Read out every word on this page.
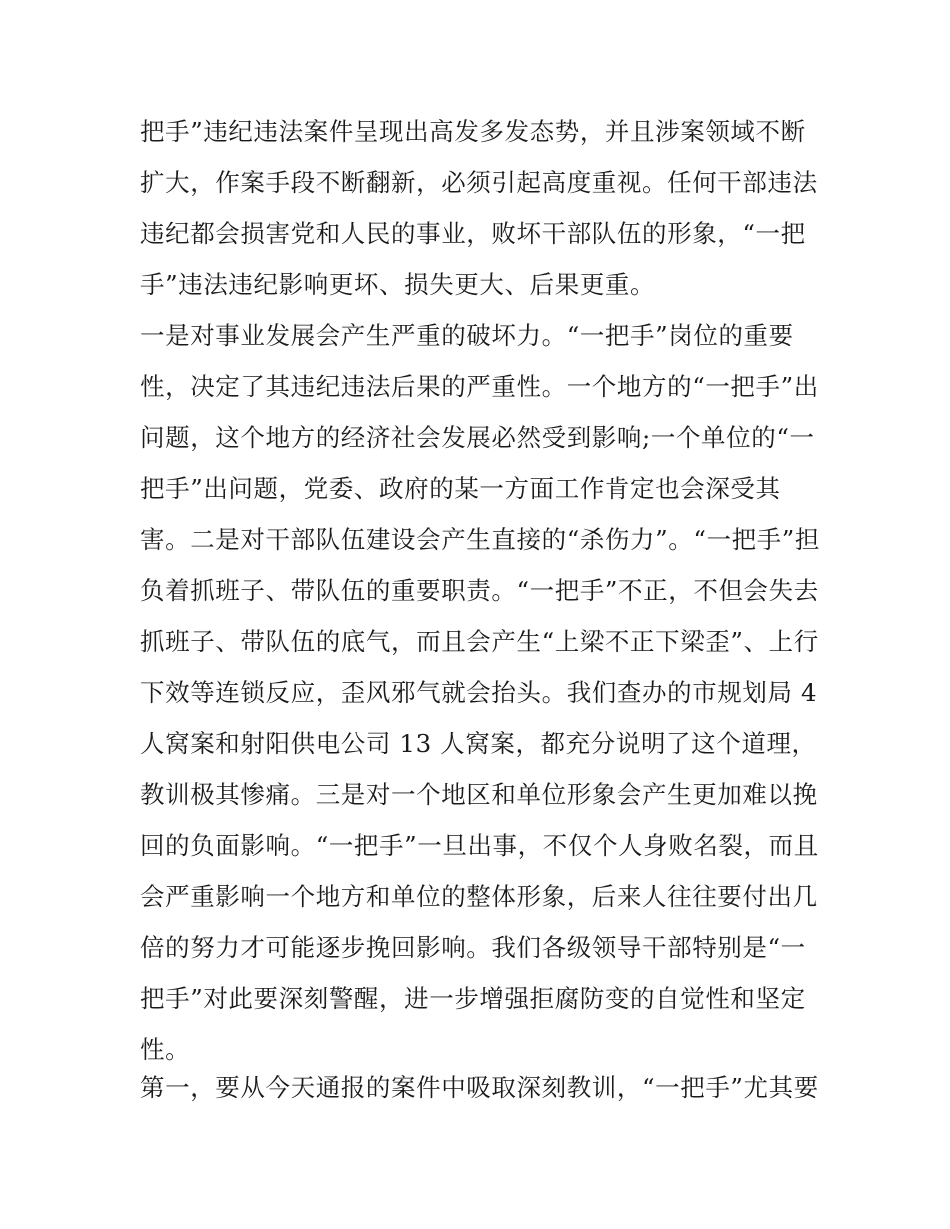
把手”违纪违法案件呈现出高发多发态势，并且涉案领域不断
扩大，作案手段不断翻新，必须引起高度重视。任何干部违法
违纪都会损害党和人民的事业，败坏干部队伍的形象，“一把
手”违法违纪影响更坏、损失更大、后果更重。
一是对事业发展会产生严重的破坏力。“一把手”岗位的重要
性，决定了其违纪违法后果的严重性。一个地方的“一把手”出
问题，这个地方的经济社会发展必然受到影响;一个单位的“一
把手”出问题，党委、政府的某一方面工作肯定也会深受其
害。二是对干部队伍建设会产生直接的“杀伤力”。“一把手”担
负着抓班子、带队伍的重要职责。“一把手”不正，不但会失去
抓班子、带队伍的底气，而且会产生“上梁不正下梁歪”、上行
下效等连锁反应，歪风邪气就会抬头。我们查办的市规划局 4
人窝案和射阳供电公司 13 人窝案，都充分说明了这个道理，
教训极其惨痛。三是对一个地区和单位形象会产生更加难以挽
回的负面影响。“一把手”一旦出事，不仅个人身败名裂，而且
会严重影响一个地方和单位的整体形象，后来人往往要付出几
倍的努力才可能逐步挽回影响。我们各级领导干部特别是“一
把手”对此要深刻警醒，进一步增强拒腐防变的自觉性和坚定
性。
第一，要从今天通报的案件中吸取深刻教训，“一把手”尤其要
